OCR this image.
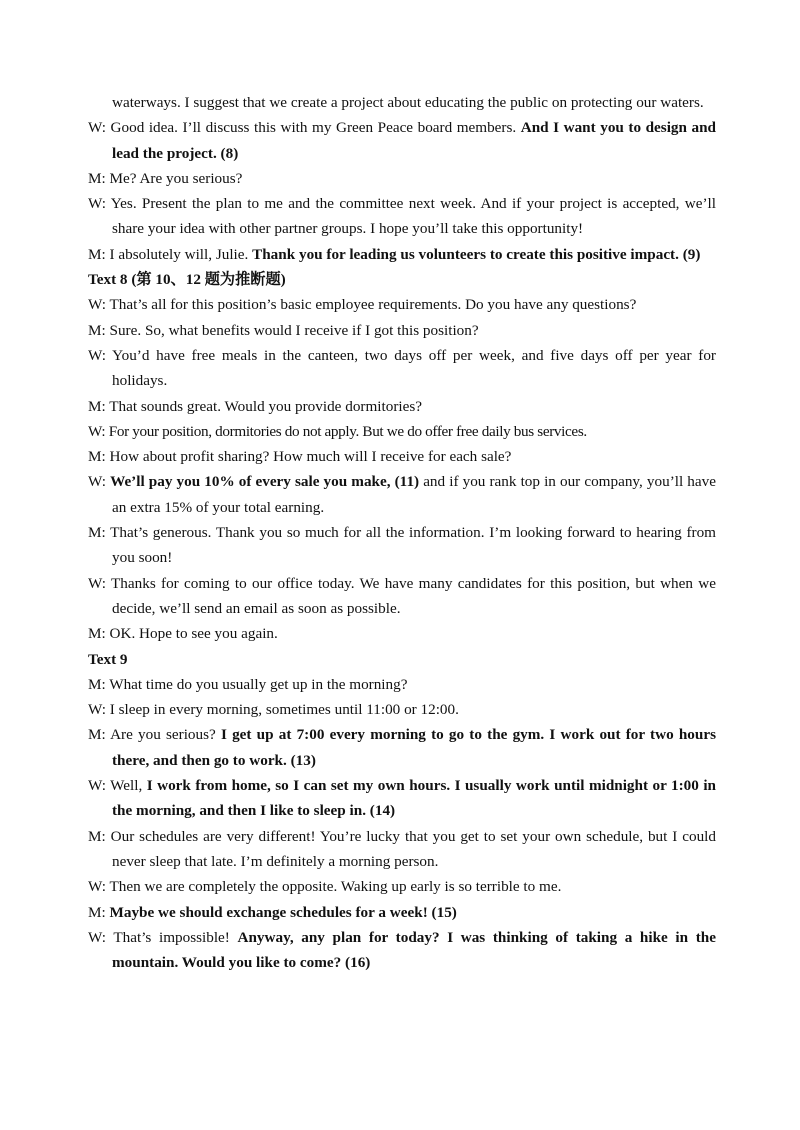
waterways. I suggest that we create a project about educating the public on protecting our waters.

W: Good idea. I’ll discuss this with my Green Peace board members. And I want you to design and lead the project. (8)

M: Me? Are you serious?

W: Yes. Present the plan to me and the committee next week. And if your project is accepted, we’ll share your idea with other partner groups. I hope you’ll take this opportunity!

M: I absolutely will, Julie. Thank you for leading us volunteers to create this positive impact. (9)

Text 8 (第 10、12 题为推断题)

W: That’s all for this position’s basic employee requirements. Do you have any questions?

M: Sure. So, what benefits would I receive if I got this position?

W: You’d have free meals in the canteen, two days off per week, and five days off per year for holidays.

M: That sounds great. Would you provide dormitories?

W: For your position, dormitories do not apply. But we do offer free daily bus services.

M: How about profit sharing? How much will I receive for each sale?

W: We’ll pay you 10% of every sale you make, (11) and if you rank top in our company, you’ll have an extra 15% of your total earning.

M: That’s generous. Thank you so much for all the information. I’m looking forward to hearing from you soon!

W: Thanks for coming to our office today. We have many candidates for this position, but when we decide, we’ll send an email as soon as possible.

M: OK. Hope to see you again.

Text 9

M: What time do you usually get up in the morning?

W: I sleep in every morning, sometimes until 11:00 or 12:00.

M: Are you serious? I get up at 7:00 every morning to go to the gym. I work out for two hours there, and then go to work. (13)

W: Well, I work from home, so I can set my own hours. I usually work until midnight or 1:00 in the morning, and then I like to sleep in. (14)

M: Our schedules are very different! You’re lucky that you get to set your own schedule, but I could never sleep that late. I’m definitely a morning person.

W: Then we are completely the opposite. Waking up early is so terrible to me.

M: Maybe we should exchange schedules for a week! (15)

W: That’s impossible! Anyway, any plan for today? I was thinking of taking a hike in the mountain. Would you like to come? (16)
